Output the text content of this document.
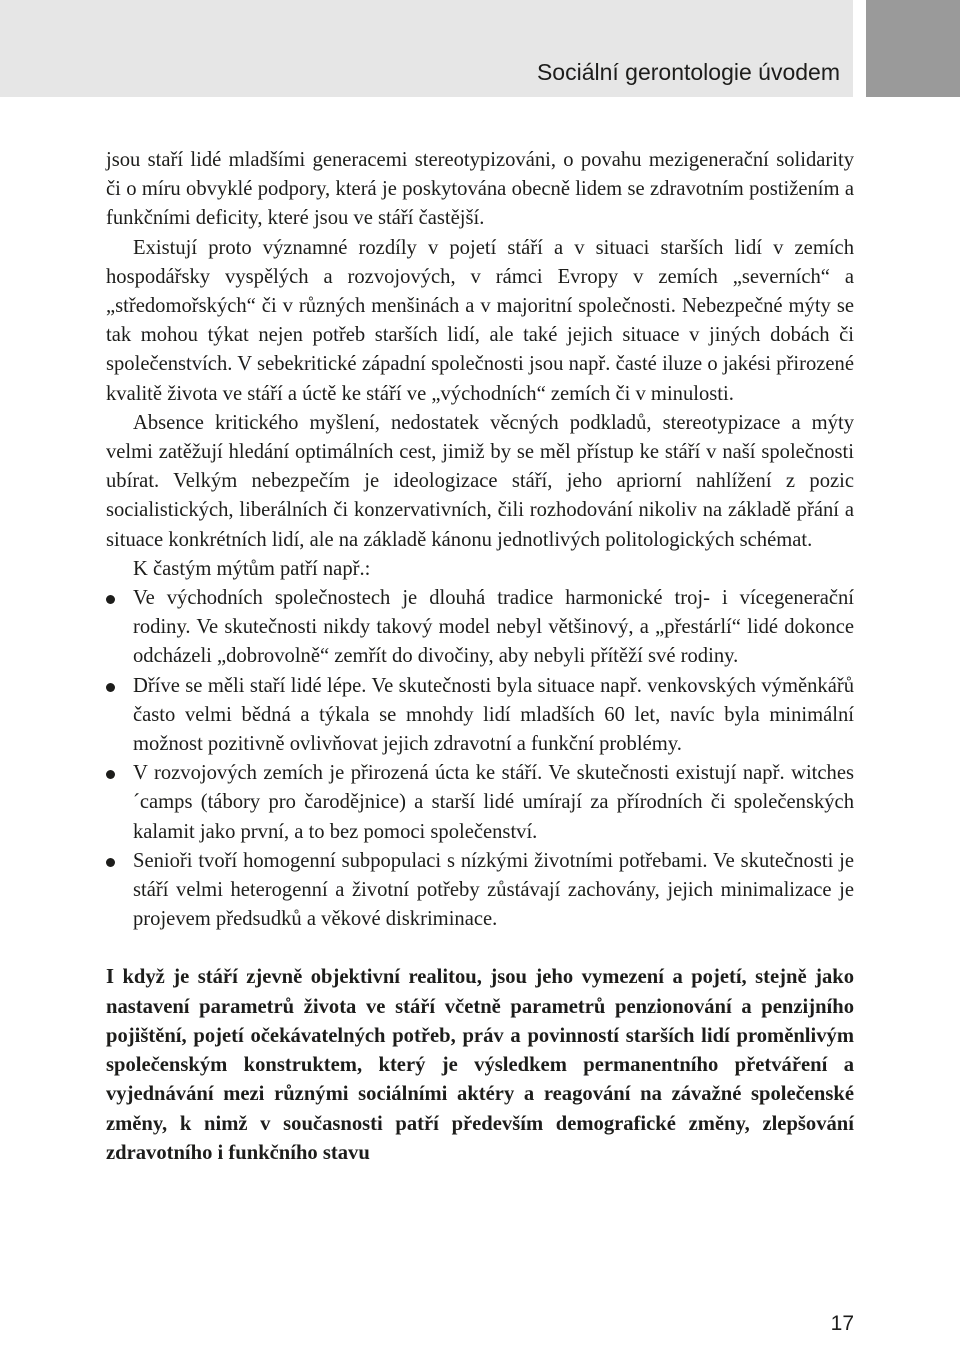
Sociální gerontologie úvodem

jsou staří lidé mladšími generacemi stereotypizováni, o povahu mezigenerační solidarity či o míru obvyklé podpory, která je poskytována obecně lidem se zdravotním postižením a funkčními deficity, které jsou ve stáří častější.

Existují proto významné rozdíly v pojetí stáří a v situaci starších lidí v zemích hospodářsky vyspělých a rozvojových, v rámci Evropy v zemích „severních“ a „středomořských“ či v různých menšinách a v majoritní společnosti. Nebezpečné mýty se tak mohou týkat nejen potřeb starších lidí, ale také jejich situace v jiných dobách či společenstvích. V sebekritické západní společnosti jsou např. časté iluze o jakési přirozené kvalitě života ve stáří a úctě ke stáří ve „východních“ zemích či v minulosti.

Absence kritického myšlení, nedostatek věcných podkladů, stereotypizace a mýty velmi zatěžují hledání optimálních cest, jimiž by se měl přístup ke stáří v naší společnosti ubírat. Velkým nebezpečím je ideologizace stáří, jeho apriorní nahlížení z pozic socialistických, liberálních či konzervativních, čili rozhodování nikoliv na základě přání a situace konkrétních lidí, ale na základě kánonu jednotlivých politologických schémat.

K častým mýtům patří např.:

Ve východních společnostech je dlouhá tradice harmonické troj- i vícegenerační rodiny. Ve skutečnosti nikdy takový model nebyl většinový, a „přestárlí“ lidé dokonce odcházeli „dobrovolně“ zemřít do divočiny, aby nebyli přítěží své rodiny.
Dříve se měli staří lidé lépe. Ve skutečnosti byla situace např. venkovských výměnkářů často velmi bědná a týkala se mnohdy lidí mladších 60 let, navíc byla minimální možnost pozitivně ovlivňovat jejich zdravotní a funkční problémy.
V rozvojových zemích je přirozená úcta ke stáří. Ve skutečnosti existují např. witches´camps (tábory pro čarodějnice) a starší lidé umírají za přírodních či společenských kalamit jako první, a to bez pomoci společenství.
Senioři tvoří homogenní subpopulaci s nízkými životními potřebami. Ve skutečnosti je stáří velmi heterogenní a životní potřeby zůstávají zachovány, jejich minimalizace je projevem předsudků a věkové diskriminace.

I když je stáří zjevně objektivní realitou, jsou jeho vymezení a pojetí, stejně jako nastavení parametrů života ve stáří včetně parametrů penzionování a penzijního pojištění, pojetí očekávatelných potřeb, práv a povinností starších lidí proměnlivým společenským konstruktem, který je výsledkem permanentního přetváření a vyjednávání mezi různými sociálními aktéry a reagování na závažné společenské změny, k nimž v současnosti patří především demografické změny, zlepšování zdravotního i funkčního stavu

17
